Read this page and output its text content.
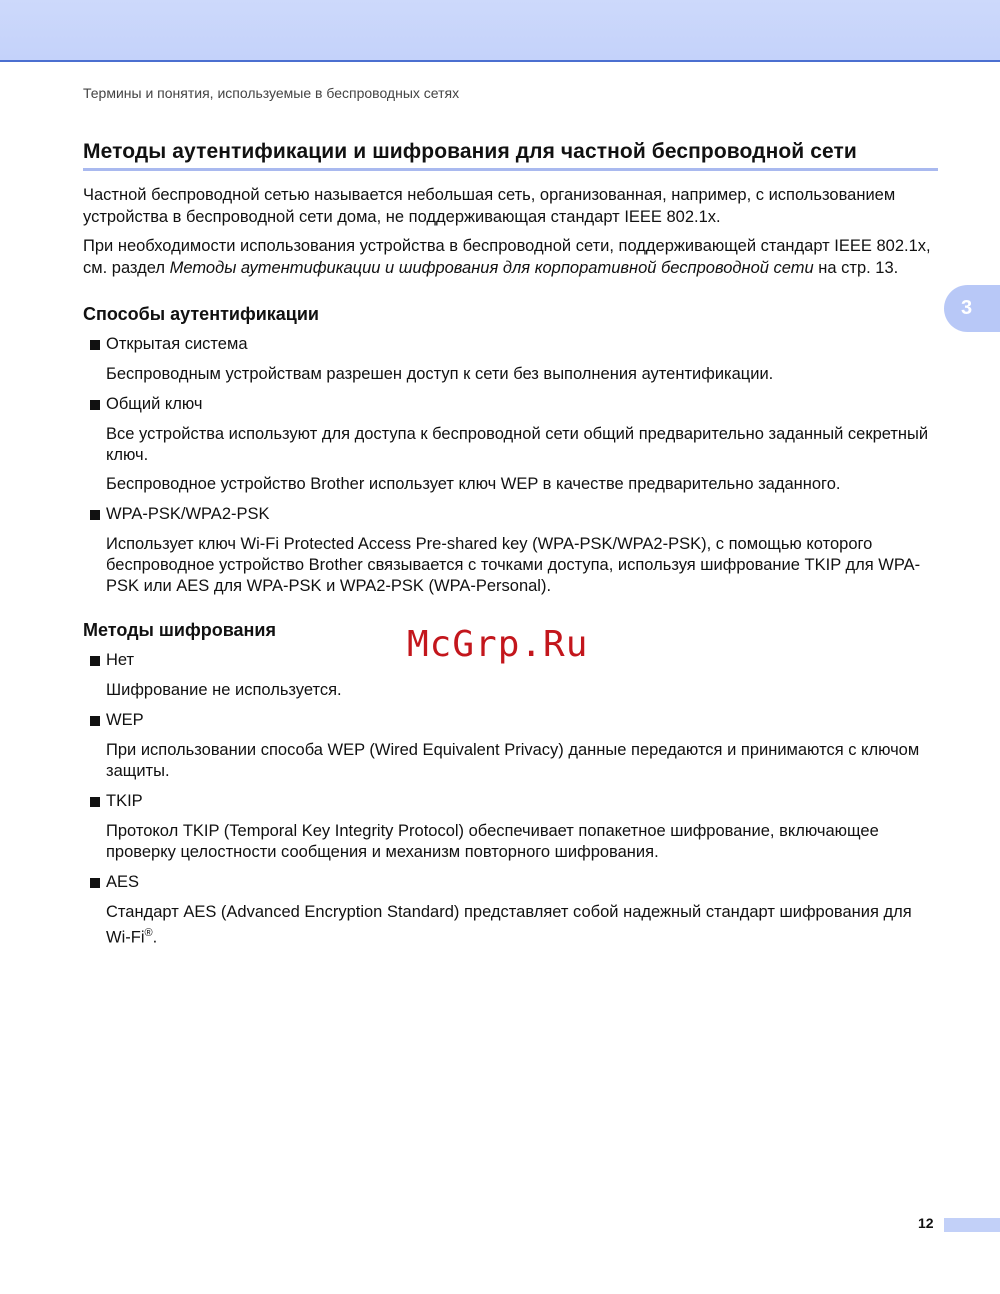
Термины и понятия, используемые в беспроводных сетях
3
Методы аутентификации и шифрования для частной беспроводной сети

Частной беспроводной сетью называется небольшая сеть, организованная, например, с использованием устройства в беспроводной сети дома, не поддерживающая стандарт IEEE 802.1x.

При необходимости использования устройства в беспроводной сети, поддерживающей стандарт IEEE 802.1x, см. раздел Методы аутентификации и шифрования для корпоративной беспроводной сети на стр. 13.

Способы аутентификации
Открытая система

Беспроводным устройствам разрешен доступ к сети без выполнения аутентификации.

Общий ключ

Все устройства используют для доступа к беспроводной сети общий предварительно заданный секретный ключ.

Беспроводное устройство Brother использует ключ WEP в качестве предварительно заданного.

WPA-PSK/WPA2-PSK

Использует ключ Wi-Fi Protected Access Pre-shared key (WPA-PSK/WPA2-PSK), с помощью которого беспроводное устройство Brother связывается с точками доступа, используя шифрование TKIP для WPA-PSK или AES для WPA-PSK и WPA2-PSK (WPA-Personal).

Методы шифрования
Нет

Шифрование не используется.

WEP

При использовании способа WEP (Wired Equivalent Privacy) данные передаются и принимаются с ключом защиты.

TKIP

Протокол TKIP (Temporal Key Integrity Protocol) обеспечивает попакетное шифрование, включающее проверку целостности сообщения и механизм повторного шифрования.

AES

Стандарт AES (Advanced Encryption Standard) представляет собой надежный стандарт шифрования для Wi-Fi®.

McGrp.Ru
12
